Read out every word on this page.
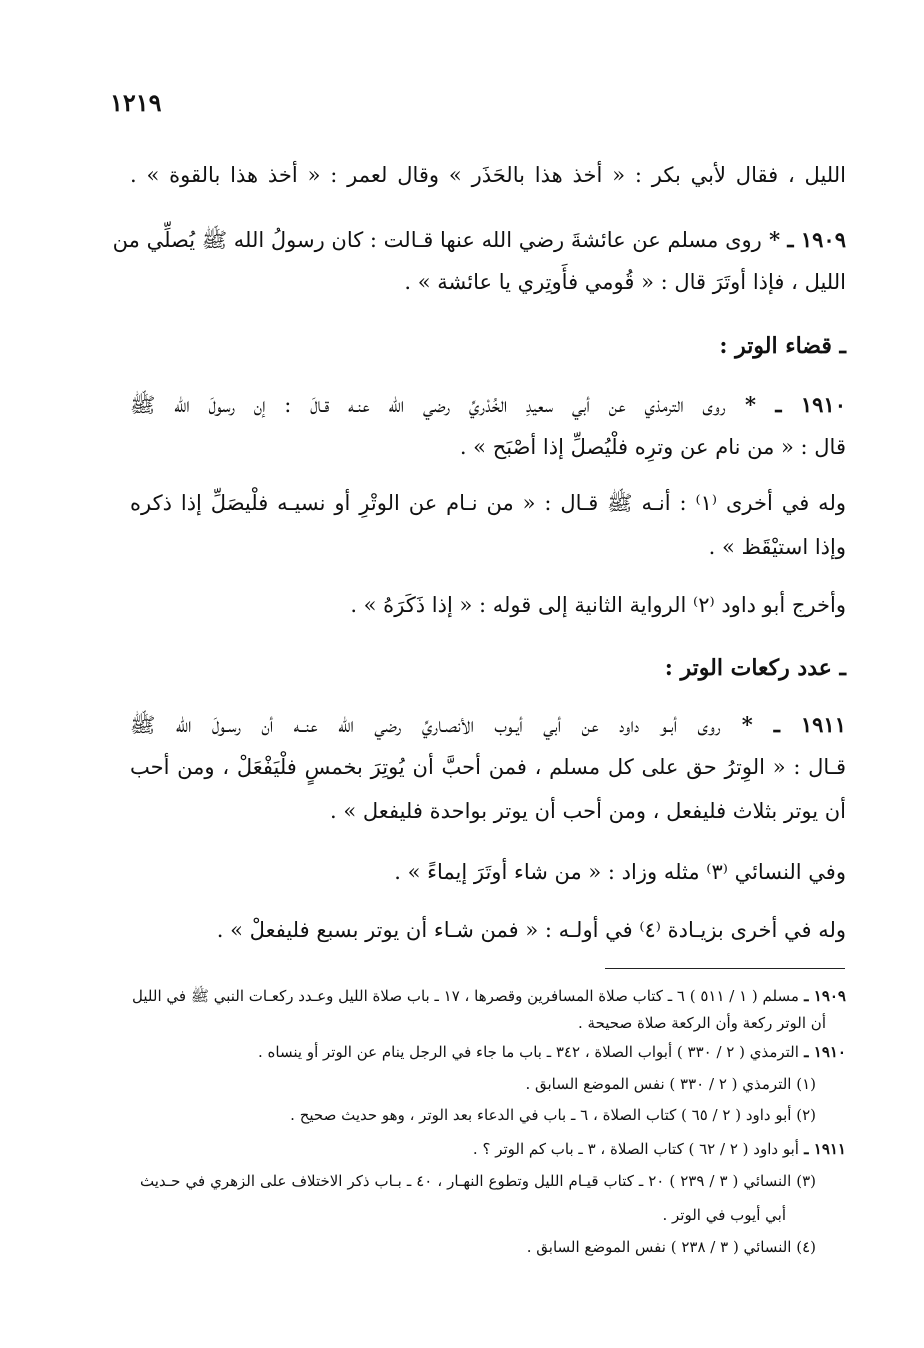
١٢١٩
الليل ، فقال لأبي بكر : « أخذ هذا بالحَذَر » وقال لعمر : « أخذ هذا بالقوة » .
١٩٠٩ ـ * روى مسلم عن عائشةَ رضي الله عنها قـالت : كان رسولُ الله ﷺ يُصلِّي من
الليل ، فإذا أوتَرَ قال : « قُومي فأَوتِري يا عائشة » .
ـ قضاء الوتر :
١٩١٠ ـ * روى الترمذي عن أبي سعيدِ الخُدْريِّ رضي الله عنـه قـالَ : إن رسولَ الله ﷺ
قال : « من نام عن وترِه فلْيُصلِّ إذا أصْبَح » .
وله في أخرى ⁽١⁾ : أنـه ﷺ قـال : « من نـام عن الوتْرِ أو نسيـه فلْيصَلِّ إذا ذكره
وإذا استيْقَظ » .
وأخرج أبو داود ⁽٢⁾ الرواية الثانية إلى قوله : « إذا ذَكَرَهُ » .
ـ عدد ركعات الوتر :
١٩١١ ـ * روى أبـو داود عن أبي أيـوب الأنصـاريِّ رضي الله عنــه أن رسـولَ الله ﷺ
قـال : « الوِترُ حق على كل مسلم ، فمن أحبَّ أن يُوتِرَ بخمسٍ فلْيَفْعَلْ ، ومن أحب
أن يوتر بثلاث فليفعل ، ومن أحب أن يوتر بواحدة فليفعل » .
وفي النسائي ⁽٣⁾ مثله وزاد : « من شاء أوتَرَ إيماءً » .
وله في أخرى بزيـادة ⁽٤⁾ في أولـه : « فمن شـاء أن يوتر بسبع فليفعلْ » .
١٩٠٩ ـ مسلم ( ١ / ٥١١ ) ٦ ـ كتاب صلاة المسافرين وقصرها ، ١٧ ـ باب صلاة الليل وعـدد ركعـات النبي ﷺ في الليل
أن الوتر ركعة وأن الركعة صلاة صحيحة .
١٩١٠ ـ الترمذي ( ٢ / ٣٣٠ ) أبواب الصلاة ، ٣٤٢ ـ باب ما جاء في الرجل ينام عن الوتر أو ينساه .
(١) الترمذي ( ٢ / ٣٣٠ ) نفس الموضع السابق .
(٢) أبو داود ( ٢ / ٦٥ ) كتاب الصلاة ، ٦ ـ باب في الدعاء بعد الوتر ، وهو حديث صحيح .
١٩١١ ـ أبو داود ( ٢ / ٦٢ ) كتاب الصلاة ، ٣ ـ باب كم الوتر ؟ .
(٣) النسائي ( ٣ / ٢٣٩ ) ٢٠ ـ كتاب قيـام الليل وتطوع النهـار ، ٤٠ ـ بـاب ذكر الاختلاف على الزهري في حـديث
أبي أيوب في الوتر .
(٤) النسائي ( ٣ / ٢٣٨ ) نفس الموضع السابق .
